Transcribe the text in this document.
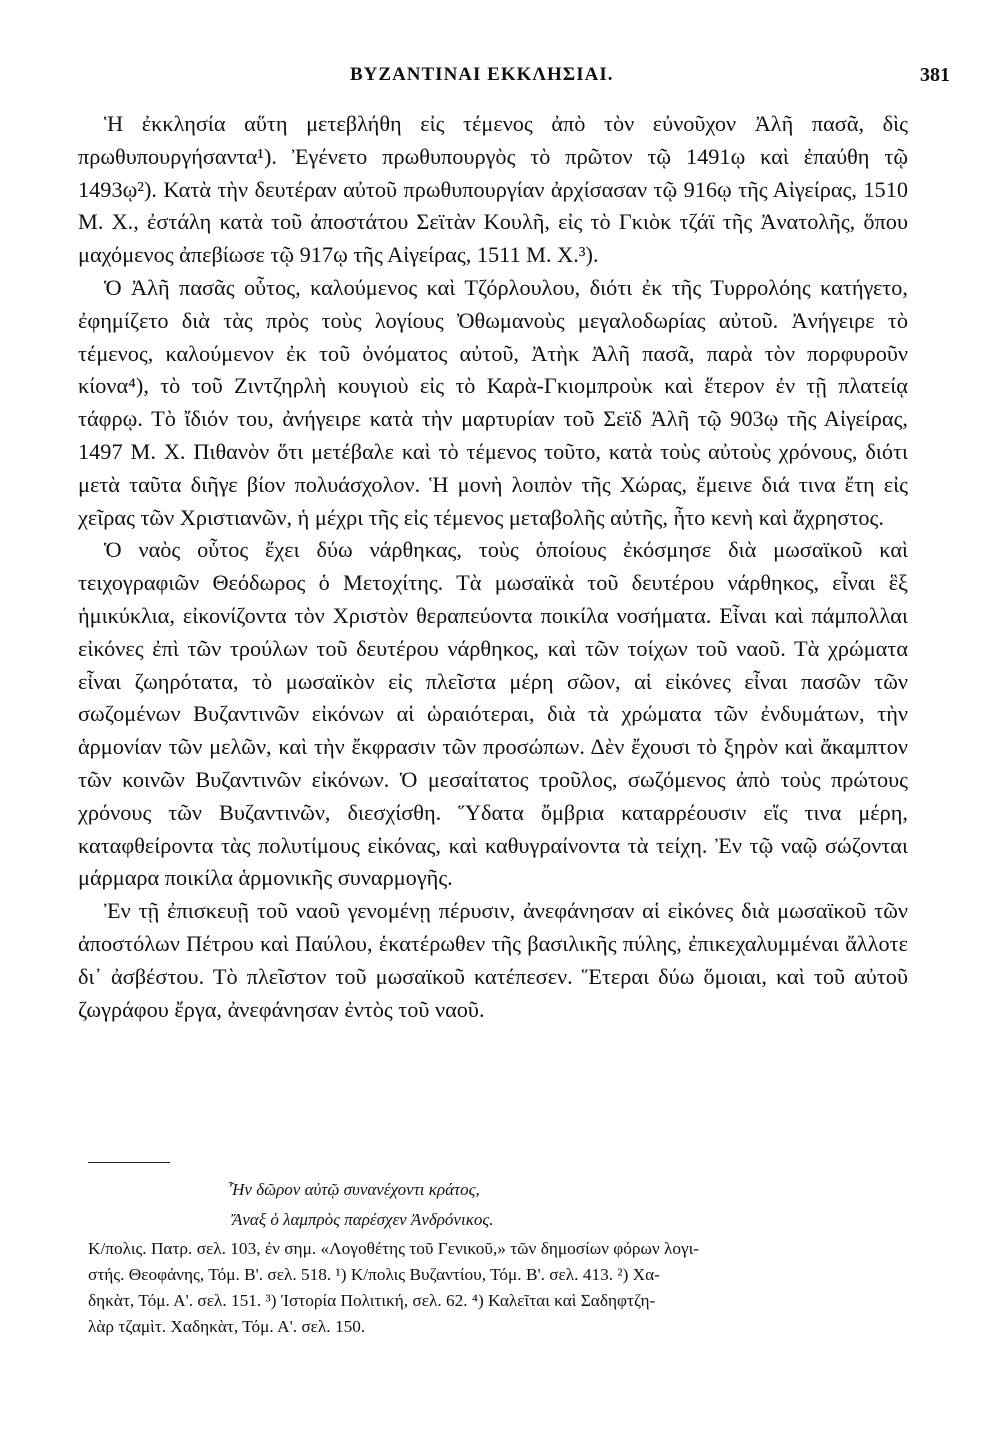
ΒΥΖΑΝΤΙΝΑΙ ΕΚΚΛΗΣΙΑΙ.	381

Ἡ ἐκκλησία αὕτη μετεβλήθη εἰς τέμενος ἀπὸ τὸν εὐνοῦχον Ἀλῆ πασᾶ, δὶς πρωθυπουργήσαντα¹). Ἐγένετο πρωθυπουργὸς τὸ πρῶτον τῷ 1491ῳ καὶ ἐπαύθη τῷ 1493ῳ²). Κατὰ τὴν δευτέραν αὐτοῦ πρωθυπουργίαν ἀρχίσασαν τῷ 916ῳ τῆς Αἰγείρας, 1510 Μ. Χ., ἐστάλη κατὰ τοῦ ἀποστάτου Σεϊτὰν Κουλῆ, εἰς τὸ Γκιὸκ τζάϊ τῆς Ἀνατολῆς, ὅπου μαχόμενος ἀπεβίωσε τῷ 917ῳ τῆς Αἰγείρας, 1511 Μ. Χ.³).

Ὁ Ἀλῆ πασᾶς οὗτος, καλούμενος καὶ Τζόρλουλου, διότι ἐκ τῆς Τυρρολόης κατήγετο, ἐφημίζετο διὰ τὰς πρὸς τοὺς λογίους Ὀθωμανοὺς μεγαλοδωρίας αὐτοῦ. Ἀνήγειρε τὸ τέμενος, καλούμενον ἐκ τοῦ ὀνόματος αὐτοῦ, Ἀτὴκ Ἀλῆ πασᾶ, παρὰ τὸν πορφυροῦν κίονα⁴), τὸ τοῦ Ζιντζηρλὴ κουγιοὺ εἰς τὸ Καρὰ-Γκιομπροὺκ καὶ ἕτερον ἐν τῇ πλατείᾳ τάφρῳ. Τὸ ἴδιόν του, ἀνήγειρε κατὰ τὴν μαρτυρίαν τοῦ Σεϊδ Ἀλῆ τῷ 903ῳ τῆς Αἰγείρας, 1497 Μ. Χ. Πιθανὸν ὅτι μετέβαλε καὶ τὸ τέμενος τοῦτο, κατὰ τοὺς αὐτοὺς χρόνους, διότι μετὰ ταῦτα διῆγε βίον πολυάσχολον. Ἡ μονὴ λοιπὸν τῆς Χώρας, ἔμεινε διά τινα ἔτη εἰς χεῖρας τῶν Χριστιανῶν, ἡ μέχρι τῆς εἰς τέμενος μεταβολῆς αὐτῆς, ἦτο κενὴ καὶ ἄχρηστος.

Ὁ ναὸς οὗτος ἔχει δύω νάρθηκας, τοὺς ὁποίους ἐκόσμησε διὰ μωσαϊκοῦ καὶ τειχογραφιῶν Θεόδωρος ὁ Μετοχίτης. Τὰ μωσαϊκὰ τοῦ δευτέρου νάρθηκος, εἶναι ἓξ ἡμικύκλια, εἰκονίζοντα τὸν Χριστὸν θεραπεύοντα ποικίλα νοσήματα. Εἶναι καὶ πάμπολλαι εἰκόνες ἐπὶ τῶν τρούλων τοῦ δευτέρου νάρθηκος, καὶ τῶν τοίχων τοῦ ναοῦ. Τὰ χρώματα εἶναι ζωηρότατα, τὸ μωσαϊκὸν εἰς πλεῖστα μέρη σῶον, αἱ εἰκόνες εἶναι πασῶν τῶν σωζομένων Βυζαντινῶν εἰκόνων αἱ ὡραιότεραι, διὰ τὰ χρώματα τῶν ἐνδυμάτων, τὴν ἁρμονίαν τῶν μελῶν, καὶ τὴν ἔκφρασιν τῶν προσώπων. Δὲν ἔχουσι τὸ ξηρὸν καὶ ἄκαμπτον τῶν κοινῶν Βυζαντινῶν εἰκόνων. Ὁ μεσαίτατος τροῦλος, σωζόμενος ἀπὸ τοὺς πρώτους χρόνους τῶν Βυζαντινῶν, διεσχίσθη. Ὕδατα ὄμβρια καταρρέουσιν εἴς τινα μέρη, καταφθείροντα τὰς πολυτίμους εἰκόνας, καὶ καθυγραίνοντα τὰ τείχη. Ἐν τῷ ναῷ σώζονται μάρμαρα ποικίλα ἁρμονικῆς συναρμογῆς.

Ἐν τῇ ἐπισκευῇ τοῦ ναοῦ γενομένῃ πέρυσιν, ἀνεφάνησαν αἱ εἰκόνες διὰ μωσαϊκοῦ τῶν ἀποστόλων Πέτρου καὶ Παύλου, ἑκατέρωθεν τῆς βασιλικῆς πύλης, ἐπικεχαλυμμέναι ἄλλοτε δι᾽ ἀσβέστου. Τὸ πλεῖστον τοῦ μωσαϊκοῦ κατέπεσεν. Ἕτεραι δύω ὅμοιαι, καὶ τοῦ αὐτοῦ ζωγράφου ἔργα, ἀνεφάνησαν ἐντὸς τοῦ ναοῦ.

Ἦν δῶρον αὐτῷ συνανέχοντι κράτος,
Ἄναξ ὁ λαμπρὸς παρέσχεν Ἀνδρόνικος.

Κ/πολις. Πατρ. σελ. 103, ἐν σημ. «Λογοθέτης τοῦ Γενικοῦ,» τῶν δημοσίων φόρων λογι-

στής. Θεοφάνης, Τόμ. Β'. σελ. 518. ¹) Κ/πολις Βυζαντίου, Τόμ. Β'. σελ. 413. ²) Χα-

δηκὰτ, Τόμ. Α'. σελ. 151. ³) Ἱστορία Πολιτική, σελ. 62. ⁴) Καλεῖται καὶ Σαδηφτζη-

λὰρ τζαμὶτ. Χαδηκὰτ, Τόμ. Α'. σελ. 150.
